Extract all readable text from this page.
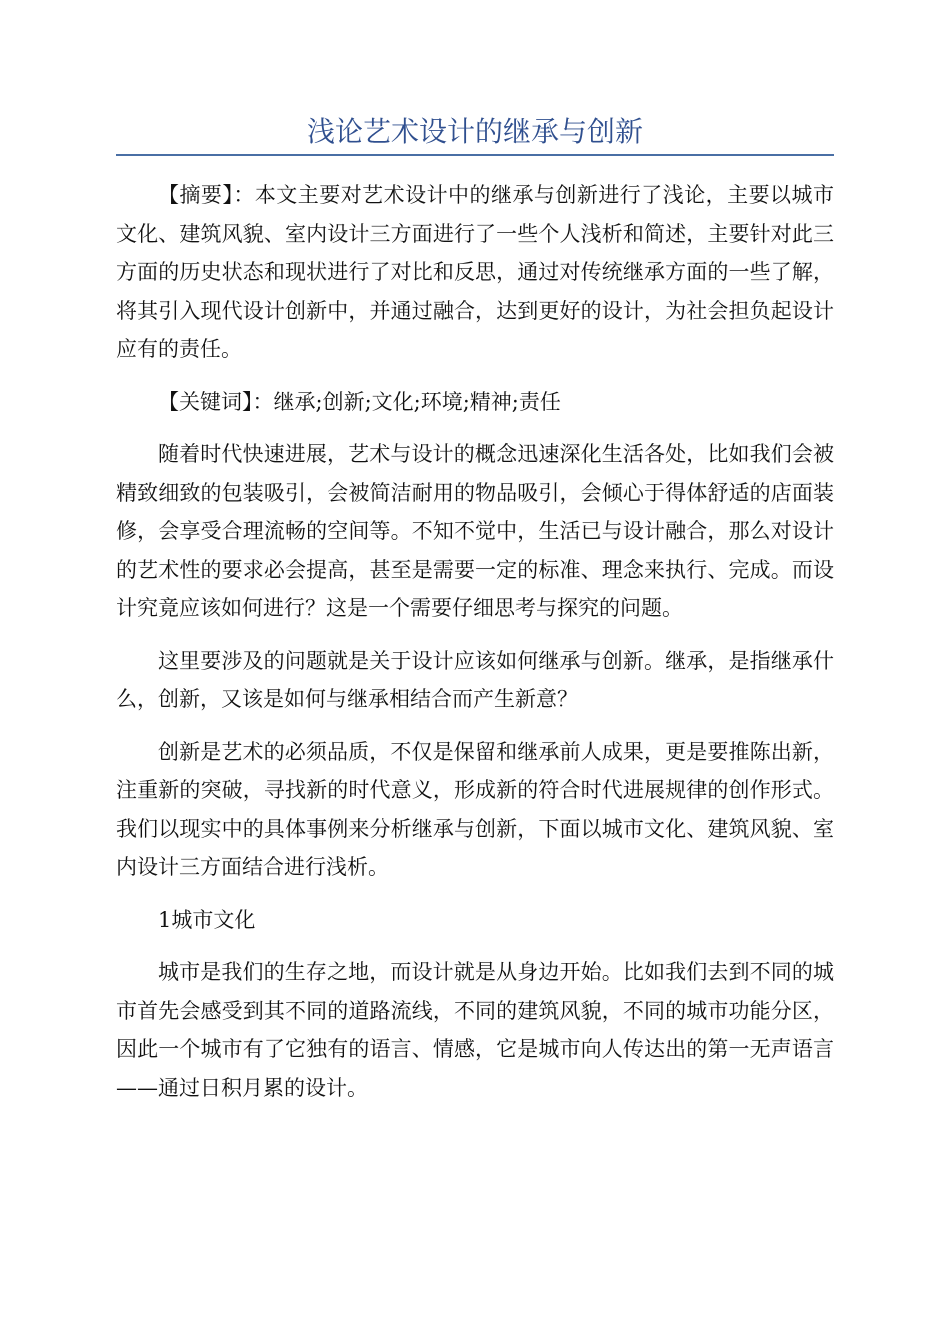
浅论艺术设计的继承与创新

【摘要】：本文主要对艺术设计中的继承与创新进行了浅论，主要以城市文化、建筑风貌、室内设计三方面进行了一些个人浅析和简述，主要针对此三方面的历史状态和现状进行了对比和反思，通过对传统继承方面的一些了解，将其引入现代设计创新中，并通过融合，达到更好的设计，为社会担负起设计应有的责任。

【关键词】：继承;创新;文化;环境;精神;责任

随着时代快速进展，艺术与设计的概念迅速深化生活各处，比如我们会被精致细致的包装吸引，会被简洁耐用的物品吸引，会倾心于得体舒适的店面装修，会享受合理流畅的空间等。不知不觉中，生活已与设计融合，那么对设计的艺术性的要求必会提高，甚至是需要一定的标准、理念来执行、完成。而设计究竟应该如何进行？这是一个需要仔细思考与探究的问题。

这里要涉及的问题就是关于设计应该如何继承与创新。继承，是指继承什么，创新，又该是如何与继承相结合而产生新意？

创新是艺术的必须品质，不仅是保留和继承前人成果，更是要推陈出新，注重新的突破，寻找新的时代意义，形成新的符合时代进展规律的创作形式。我们以现实中的具体事例来分析继承与创新，下面以城市文化、建筑风貌、室内设计三方面结合进行浅析。

1城市文化

城市是我们的生存之地，而设计就是从身边开始。比如我们去到不同的城市首先会感受到其不同的道路流线，不同的建筑风貌，不同的城市功能分区，因此一个城市有了它独有的语言、情感，它是城市向人传达出的第一无声语言——通过日积月累的设计。
